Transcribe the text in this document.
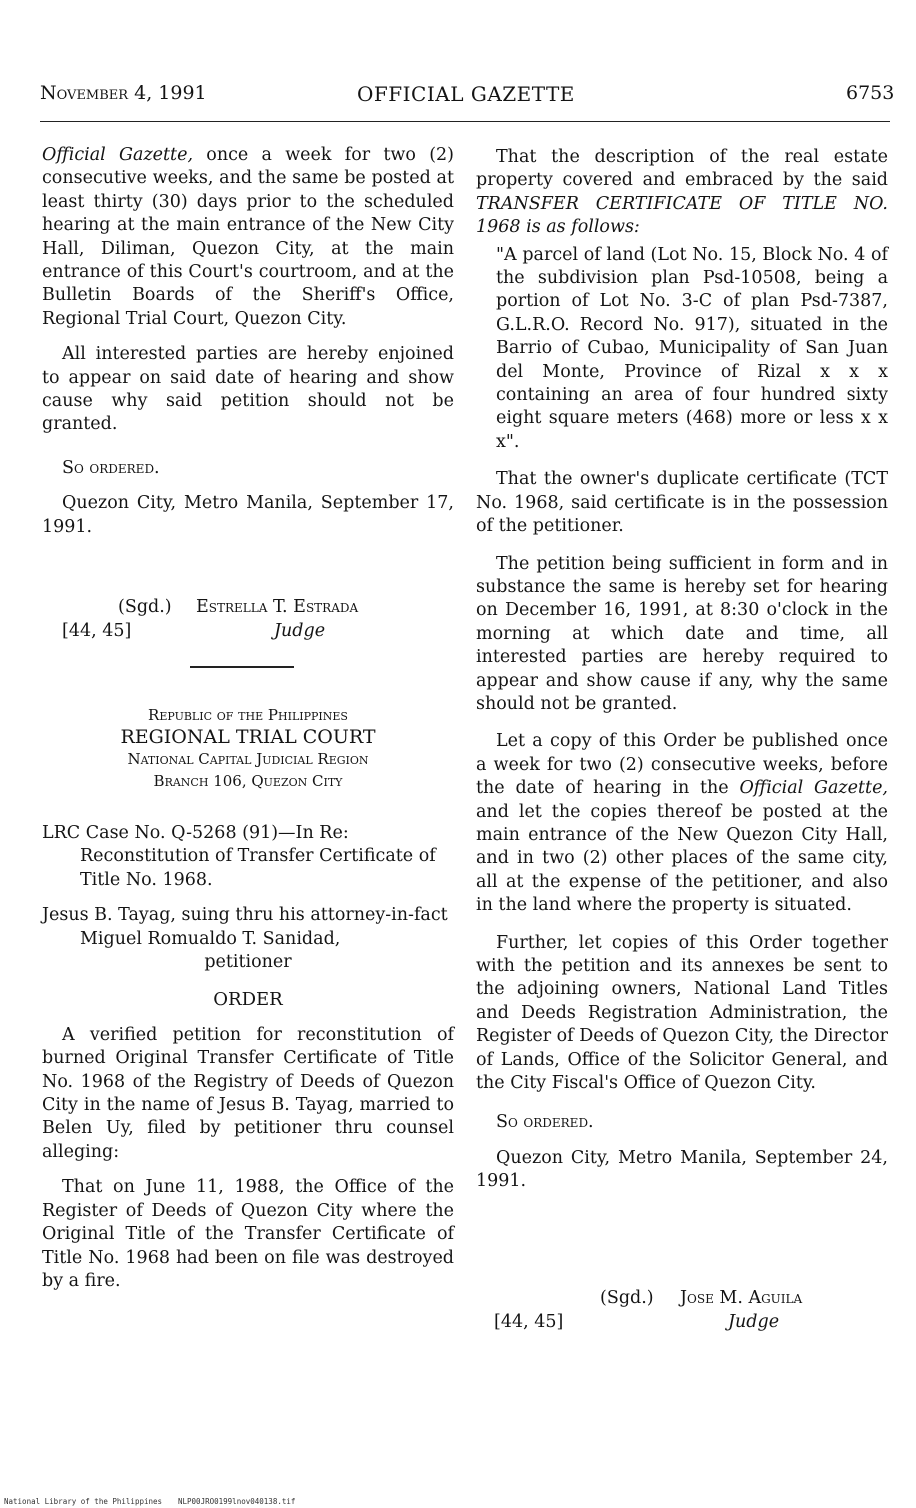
November 4, 1991	OFFICIAL GAZETTE	6753

Official Gazette, once a week for two (2) consecutive weeks, and the same be posted at least thirty (30) days prior to the scheduled hearing at the main entrance of the New City Hall, Diliman, Quezon City, at the main entrance of this Court's courtroom, and at the Bulletin Boards of the Sheriff's Office, Regional Trial Court, Quezon City.

All interested parties are hereby enjoined to appear on said date of hearing and show cause why said petition should not be granted.

So ordered.

Quezon City, Metro Manila, September 17, 1991.

(Sgd.) Estrella T. Estrada
[44, 45]	Judge
Republic of the Philippines
REGIONAL TRIAL COURT
National Capital Judicial Region
Branch 106, Quezon City

LRC Case No. Q-5268 (91)—In Re: Reconstitution of Transfer Certificate of Title No. 1968.

Jesus B. Tayag, suing thru his attorney-in-fact Miguel Romualdo T. Sanidad,

petitioner

ORDER

A verified petition for reconstitution of burned Original Transfer Certificate of Title No. 1968 of the Registry of Deeds of Quezon City in the name of Jesus B. Tayag, married to Belen Uy, filed by petitioner thru counsel alleging:

That on June 11, 1988, the Office of the Register of Deeds of Quezon City where the Original Title of the Transfer Certificate of Title No. 1968 had been on file was destroyed by a fire.

That the description of the real estate property covered and embraced by the said TRANSFER CERTIFICATE OF TITLE NO. 1968 is as follows:

"A parcel of land (Lot No. 15, Block No. 4 of the subdivision plan Psd-10508, being a portion of Lot No. 3-C of plan Psd-7387, G.L.R.O. Record No. 917), situated in the Barrio of Cubao, Municipality of San Juan del Monte, Province of Rizal x x x containing an area of four hundred sixty eight square meters (468) more or less x x x".

That the owner's duplicate certificate (TCT No. 1968, said certificate is in the possession of the petitioner.

The petition being sufficient in form and in substance the same is hereby set for hearing on December 16, 1991, at 8:30 o'clock in the morning at which date and time, all interested parties are hereby required to appear and show cause if any, why the same should not be granted.

Let a copy of this Order be published once a week for two (2) consecutive weeks, before the date of hearing in the Official Gazette, and let the copies thereof be posted at the main entrance of the New Quezon City Hall, and in two (2) other places of the same city, all at the expense of the petitioner, and also in the land where the property is situated.

Further, let copies of this Order together with the petition and its annexes be sent to the adjoining owners, National Land Titles and Deeds Registration Administration, the Register of Deeds of Quezon City, the Director of Lands, Office of the Solicitor General, and the City Fiscal's Office of Quezon City.

So ordered.

Quezon City, Metro Manila, September 24, 1991.

(Sgd.) Jose M. Aguila
[44, 45]	Judge
National Library of the Philippines NLP00JRO0199lnov040138.tif
